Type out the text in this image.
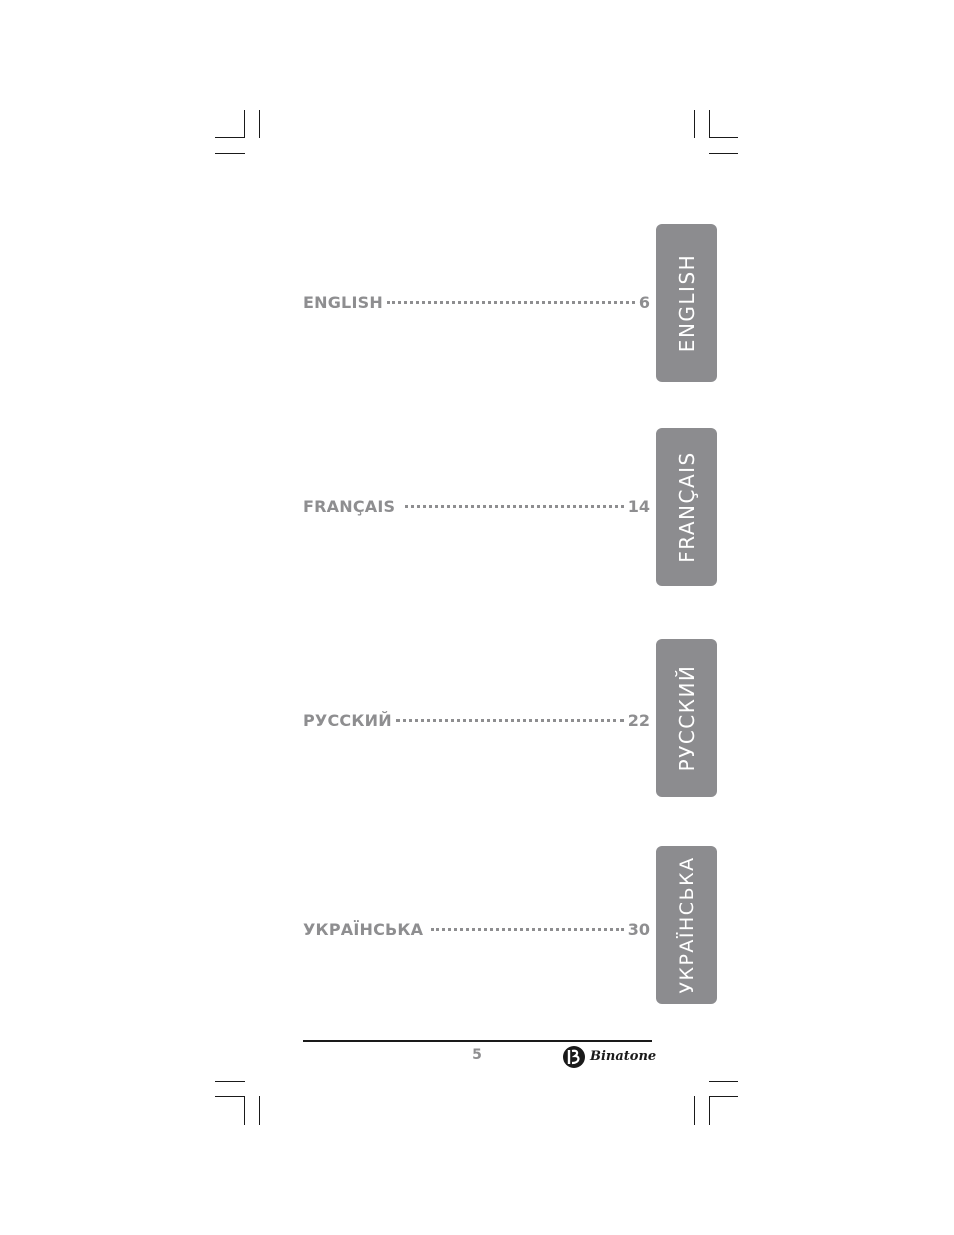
ENGLISH	6
FRANÇAIS	14
РУССКИЙ	22
УКРАЇНСЬКА	30
ENGLISH
FRANÇAIS
РУССКИЙ
УКРАЇНСЬКА
5	Binatone
